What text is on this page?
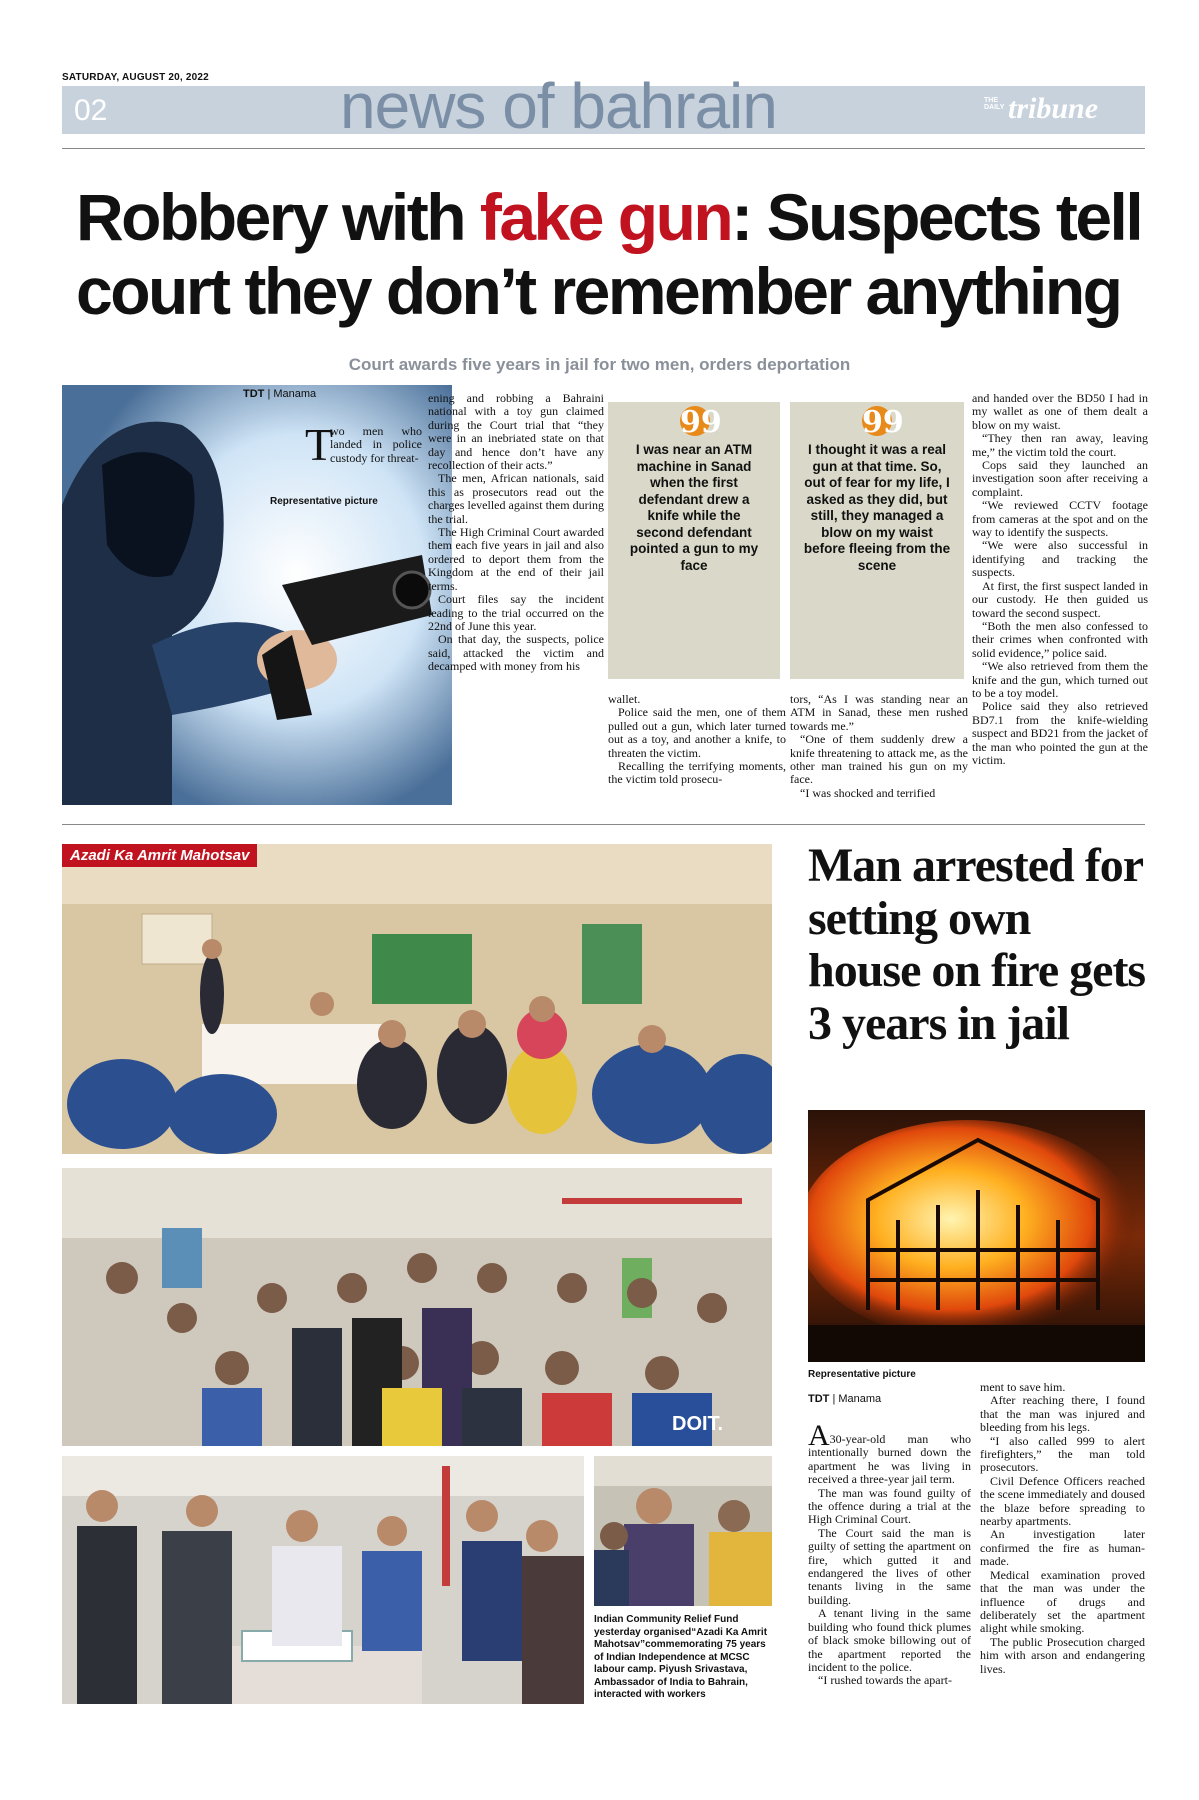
SATURDAY, AUGUST 20, 2022
02	news of bahrain	THE DAILY tribune
Robbery with fake gun: Suspects tell court they don’t remember anything
Court awards five years in jail for two men, orders deportation
TDT | Manama
Representative picture
T
wo men who landed in police custody for threat-

ening and robbing a Bahraini national with a toy gun claimed during the Court trial that “they were in an inebriated state on that day and hence don’t have any recollection of their acts.”

The men, African nationals, said this as prosecutors read out the charges levelled against them during the trial.

The High Criminal Court awarded them each five years in jail and also ordered to deport them from the Kingdom at the end of their jail terms.

Court files say the incident leading to the trial occurred on the 22nd of June this year.

On that day, the suspects, police said, attacked the victim and decamped with money from his

99
I was near an ATM machine in Sanad when the first defendant drew a knife while the second defendant pointed a gun to my face
99
I thought it was a real gun at that time. So, out of fear for my life, I asked as they did, but still, they managed a blow on my waist before fleeing from the scene

wallet.

Police said the men, one of them pulled out a gun, which later turned out as a toy, and another a knife, to threaten the victim.

Recalling the terrifying moments, the victim told prosecu-

tors, “As I was standing near an ATM in Sanad, these men rushed towards me.”

“One of them suddenly drew a knife threatening to attack me, as the other man trained his gun on my face.

“I was shocked and terrified

and handed over the BD50 I had in my wallet as one of them dealt a blow on my waist.

“They then ran away, leaving me,” the victim told the court.

Cops said they launched an investigation soon after receiving a complaint.

“We reviewed CCTV footage from cameras at the spot and on the way to identify the suspects.

“We were also successful in identifying and tracking the suspects.

At first, the first suspect landed in our custody. He then guided us toward the second suspect.

“Both the men also confessed to their crimes when confronted with solid evidence,” police said.

“We also retrieved from them the knife and the gun, which turned out to be a toy model.

Police said they also retrieved BD7.1 from the knife-wielding suspect and BD21 from the jacket of the man who pointed the gun at the victim.

Azadi Ka Amrit Mahotsav
DOIT.
Indian Community Relief Fund yesterday organised“Azadi Ka Amrit Mahotsav”commemorating 75 years of Indian Independence at MCSC labour camp. Piyush Srivastava, Ambassador of India to Bahrain, interacted with workers
Man arrested for setting own house on fire gets 3 years in jail
Representative picture
TDT | Manama

A30-year-old man who intentionally burned down the apartment he was living in received a three-year jail term.

The man was found guilty of the offence during a trial at the High Criminal Court.

The Court said the man is guilty of setting the apartment on fire, which gutted it and endangered the lives of other tenants living in the same building.

A tenant living in the same building who found thick plumes of black smoke billowing out of the apartment reported the incident to the police.

“I rushed towards the apart-

ment to save him.

After reaching there, I found that the man was injured and bleeding from his legs.

“I also called 999 to alert firefighters,” the man told prosecutors.

Civil Defence Officers reached the scene immediately and doused the blaze before spreading to nearby apartments.

An investigation later confirmed the fire as human-made.

Medical examination proved that the man was under the influence of drugs and deliberately set the apartment alight while smoking.

The public Prosecution charged him with arson and endangering lives.
